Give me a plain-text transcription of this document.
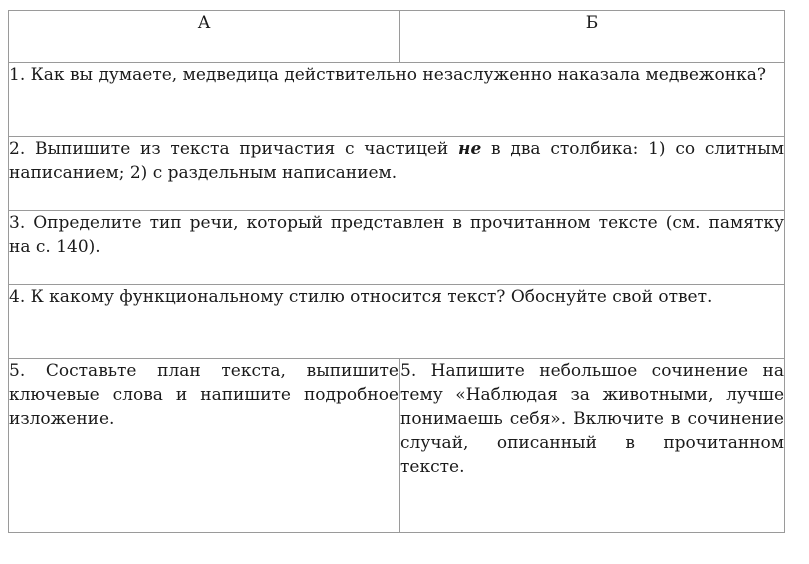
А	Б
1. Как вы думаете, медведица действительно незаслуженно наказала медвежонка?	
2. Выпишите из текста причастия с частицей не в два столбика: 1) со слитным написанием; 2) с раздельным написанием.	
3. Определите тип речи, который представлен в прочитанном тексте (см. памятку на с. 140).	
4. К какому функциональному стилю относится текст? Обоснуйте свой ответ.	
5. Составьте план текста, выпишите ключевые слова и напишите подробное изложение.	5. Напишите небольшое сочинение на тему «Наблюдая за животными, лучше понимаешь себя». Включите в сочинение случай, описанный в прочитанном тексте.
